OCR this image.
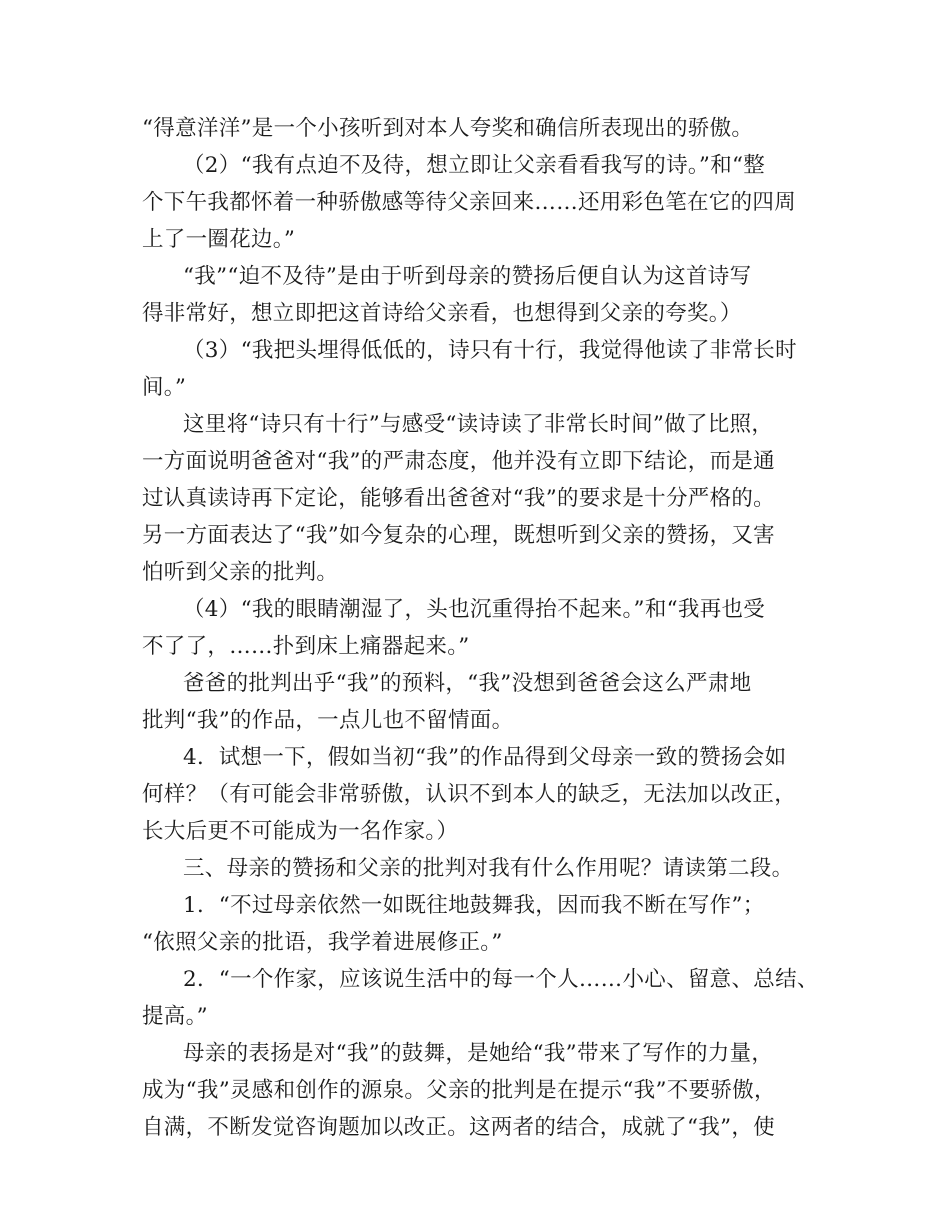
“得意洋洋”是一个小孩听到对本人夸奖和确信所表现出的骄傲。
（2）“我有点迫不及待，想立即让父亲看看我写的诗。”和“整
个下午我都怀着一种骄傲感等待父亲回来……还用彩色笔在它的四周
上了一圈花边。”
“我”“迫不及待”是由于听到母亲的赞扬后便自认为这首诗写
得非常好，想立即把这首诗给父亲看，也想得到父亲的夸奖。）
（3）“我把头埋得低低的，诗只有十行，我觉得他读了非常长时
间。”
这里将“诗只有十行”与感受“读诗读了非常长时间”做了比照，
一方面说明爸爸对“我”的严肃态度，他并没有立即下结论，而是通
过认真读诗再下定论，能够看出爸爸对“我”的要求是十分严格的。
另一方面表达了“我”如今复杂的心理，既想听到父亲的赞扬，又害
怕听到父亲的批判。
（4）“我的眼睛潮湿了，头也沉重得抬不起来。”和“我再也受
不了了，……扑到床上痛器起来。”
爸爸的批判出乎“我”的预料，“我”没想到爸爸会这么严肃地
批判“我”的作品，一点儿也不留情面。
4．试想一下，假如当初“我”的作品得到父母亲一致的赞扬会如
何样？（有可能会非常骄傲，认识不到本人的缺乏，无法加以改正，
长大后更不可能成为一名作家。）
三、母亲的赞扬和父亲的批判对我有什么作用呢？请读第二段。
1．“不过母亲依然一如既往地鼓舞我，因而我不断在写作”；
“依照父亲的批语，我学着进展修正。”
2．“一个作家，应该说生活中的每一个人……小心、留意、总结、
提高。”
母亲的表扬是对“我”的鼓舞，是她给“我”带来了写作的力量，
成为“我”灵感和创作的源泉。父亲的批判是在提示“我”不要骄傲，
自满，不断发觉咨询题加以改正。这两者的结合，成就了“我”，使
